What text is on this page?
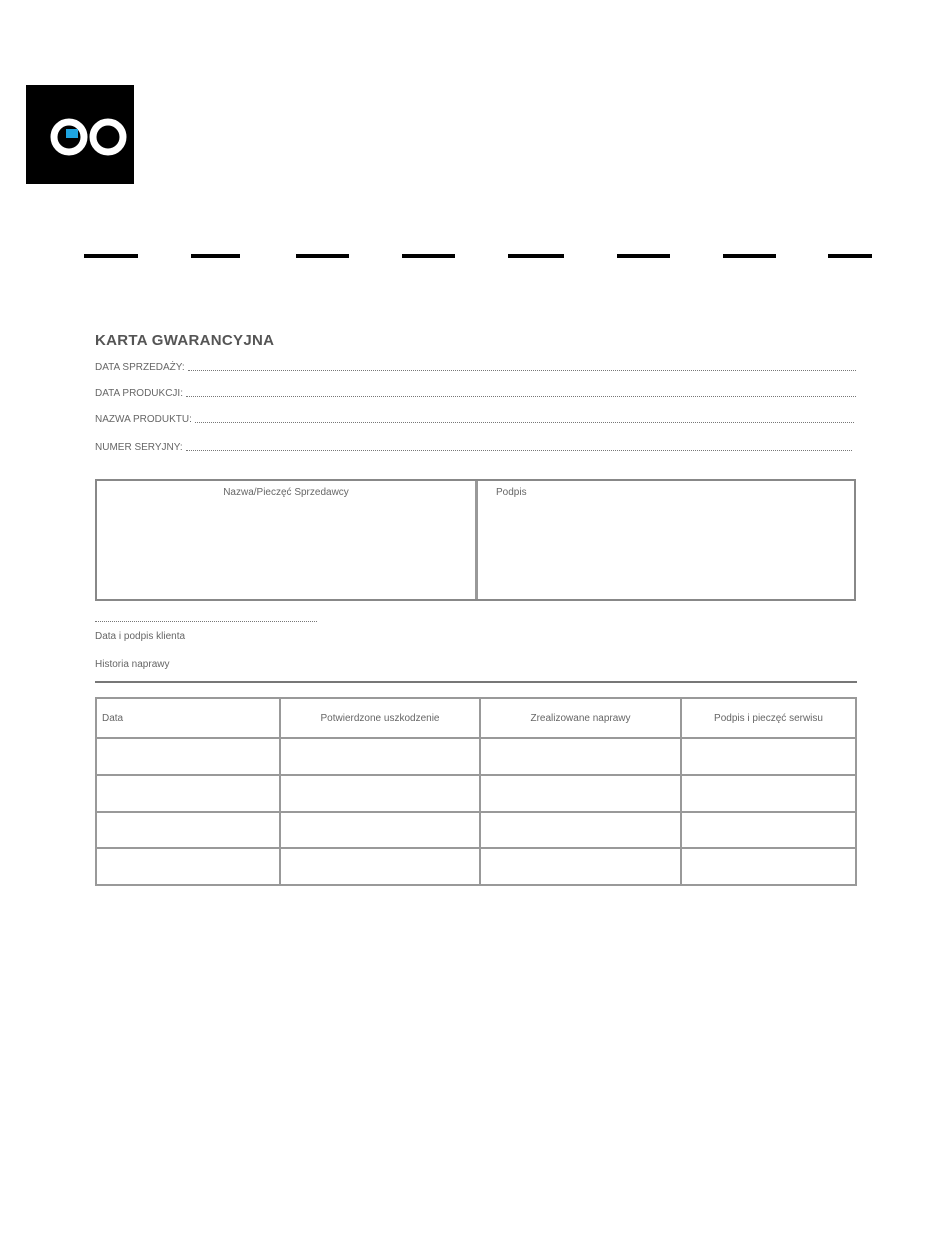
KARTA GWARANCYJNA
DATA SPRZEDAŻY:
DATA PRODUKCJI:
NAZWA PRODUKTU:
NUMER SERYJNY:
Nazwa/Pieczęć Sprzedawcy	Podpis
Data i podpis klienta
Historia naprawy
Data	Potwierdzone uszkodzenie	Zrealizowane naprawy	Podpis i pieczęć serwisu
